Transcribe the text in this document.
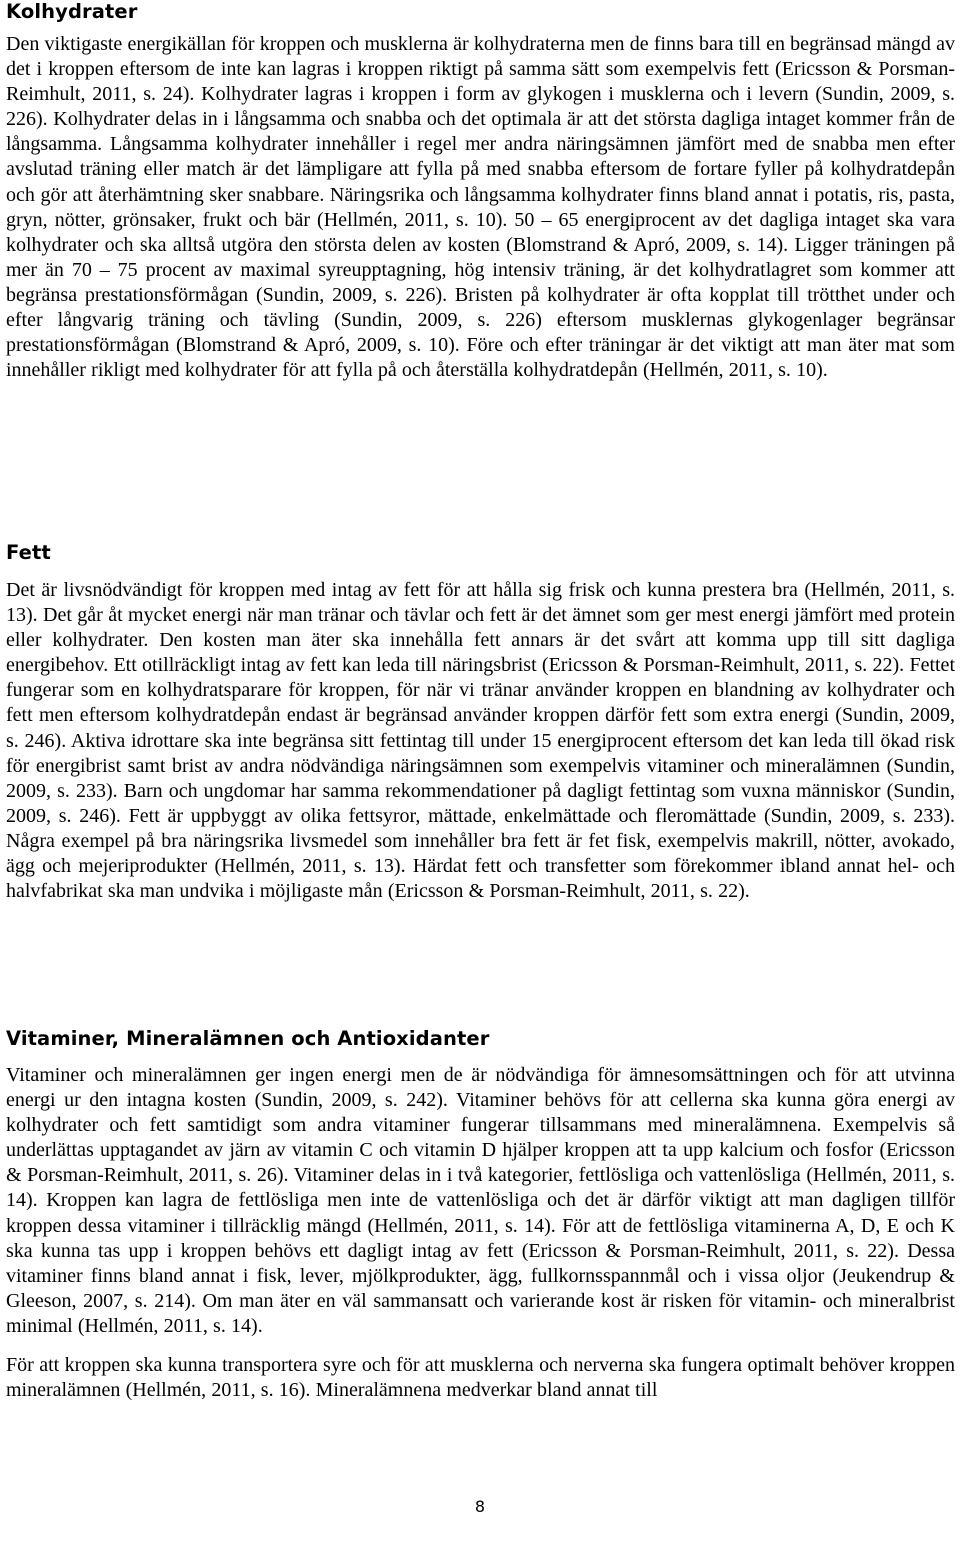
Kolhydrater

Den viktigaste energikällan för kroppen och musklerna är kolhydraterna men de finns bara till en begränsad mängd av det i kroppen eftersom de inte kan lagras i kroppen riktigt på samma sätt som exempelvis fett (Ericsson & Porsman-Reimhult, 2011, s. 24). Kolhydrater lagras i kroppen i form av glykogen i musklerna och i levern (Sundin, 2009, s. 226). Kolhydrater delas in i långsamma och snabba och det optimala är att det största dagliga intaget kommer från de långsamma. Långsamma kolhydrater innehåller i regel mer andra näringsämnen jämfört med de snabba men efter avslutad träning eller match är det lämpligare att fylla på med snabba eftersom de fortare fyller på kolhydratdepån och gör att återhämtning sker snabbare. Näringsrika och långsamma kolhydrater finns bland annat i potatis, ris, pasta, gryn, nötter, grönsaker, frukt och bär (Hellmén, 2011, s. 10). 50 – 65 energiprocent av det dagliga intaget ska vara kolhydrater och ska alltså utgöra den största delen av kosten (Blomstrand & Apró, 2009, s. 14). Ligger träningen på mer än 70 – 75 procent av maximal syreupptagning, hög intensiv träning, är det kolhydratlagret som kommer att begränsa prestationsförmågan (Sundin, 2009, s. 226). Bristen på kolhydrater är ofta kopplat till trötthet under och efter långvarig träning och tävling (Sundin, 2009, s. 226) eftersom musklernas glykogenlager begränsar prestationsförmågan (Blomstrand & Apró, 2009, s. 10). Före och efter träningar är det viktigt att man äter mat som innehåller rikligt med kolhydrater för att fylla på och återställa kolhydratdepån (Hellmén, 2011, s. 10).

Fett

Det är livsnödvändigt för kroppen med intag av fett för att hålla sig frisk och kunna prestera bra (Hellmén, 2011, s. 13). Det går åt mycket energi när man tränar och tävlar och fett är det ämnet som ger mest energi jämfört med protein eller kolhydrater. Den kosten man äter ska innehålla fett annars är det svårt att komma upp till sitt dagliga energibehov. Ett otillräckligt intag av fett kan leda till näringsbrist (Ericsson & Porsman-Reimhult, 2011, s. 22). Fettet fungerar som en kolhydratsparare för kroppen, för när vi tränar använder kroppen en blandning av kolhydrater och fett men eftersom kolhydratdepån endast är begränsad använder kroppen därför fett som extra energi (Sundin, 2009, s. 246). Aktiva idrottare ska inte begränsa sitt fettintag till under 15 energiprocent eftersom det kan leda till ökad risk för energibrist samt brist av andra nödvändiga näringsämnen som exempelvis vitaminer och mineralämnen (Sundin, 2009, s. 233). Barn och ungdomar har samma rekommendationer på dagligt fettintag som vuxna människor (Sundin, 2009, s. 246). Fett är uppbyggt av olika fettsyror, mättade, enkelmättade och fleromättade (Sundin, 2009, s. 233). Några exempel på bra näringsrika livsmedel som innehåller bra fett är fet fisk, exempelvis makrill, nötter, avokado, ägg och mejeriprodukter (Hellmén, 2011, s. 13). Härdat fett och transfetter som förekommer ibland annat hel- och halvfabrikat ska man undvika i möjligaste mån (Ericsson & Porsman-Reimhult, 2011, s. 22).

Vitaminer, Mineralämnen och Antioxidanter

Vitaminer och mineralämnen ger ingen energi men de är nödvändiga för ämnesomsättningen och för att utvinna energi ur den intagna kosten (Sundin, 2009, s. 242). Vitaminer behövs för att cellerna ska kunna göra energi av kolhydrater och fett samtidigt som andra vitaminer fungerar tillsammans med mineralämnena. Exempelvis så underlättas upptagandet av järn av vitamin C och vitamin D hjälper kroppen att ta upp kalcium och fosfor (Ericsson & Porsman-Reimhult, 2011, s. 26). Vitaminer delas in i två kategorier, fettlösliga och vattenlösliga (Hellmén, 2011, s. 14). Kroppen kan lagra de fettlösliga men inte de vattenlösliga och det är därför viktigt att man dagligen tillför kroppen dessa vitaminer i tillräcklig mängd (Hellmén, 2011, s. 14). För att de fettlösliga vitaminerna A, D, E och K ska kunna tas upp i kroppen behövs ett dagligt intag av fett (Ericsson & Porsman-Reimhult, 2011, s. 22). Dessa vitaminer finns bland annat i fisk, lever, mjölkprodukter, ägg, fullkornsspannmål och i vissa oljor (Jeukendrup & Gleeson, 2007, s. 214). Om man äter en väl sammansatt och varierande kost är risken för vitamin- och mineralbrist minimal (Hellmén, 2011, s. 14).

För att kroppen ska kunna transportera syre och för att musklerna och nerverna ska fungera optimalt behöver kroppen mineralämnen (Hellmén, 2011, s. 16). Mineralämnena medverkar bland annat till

8
